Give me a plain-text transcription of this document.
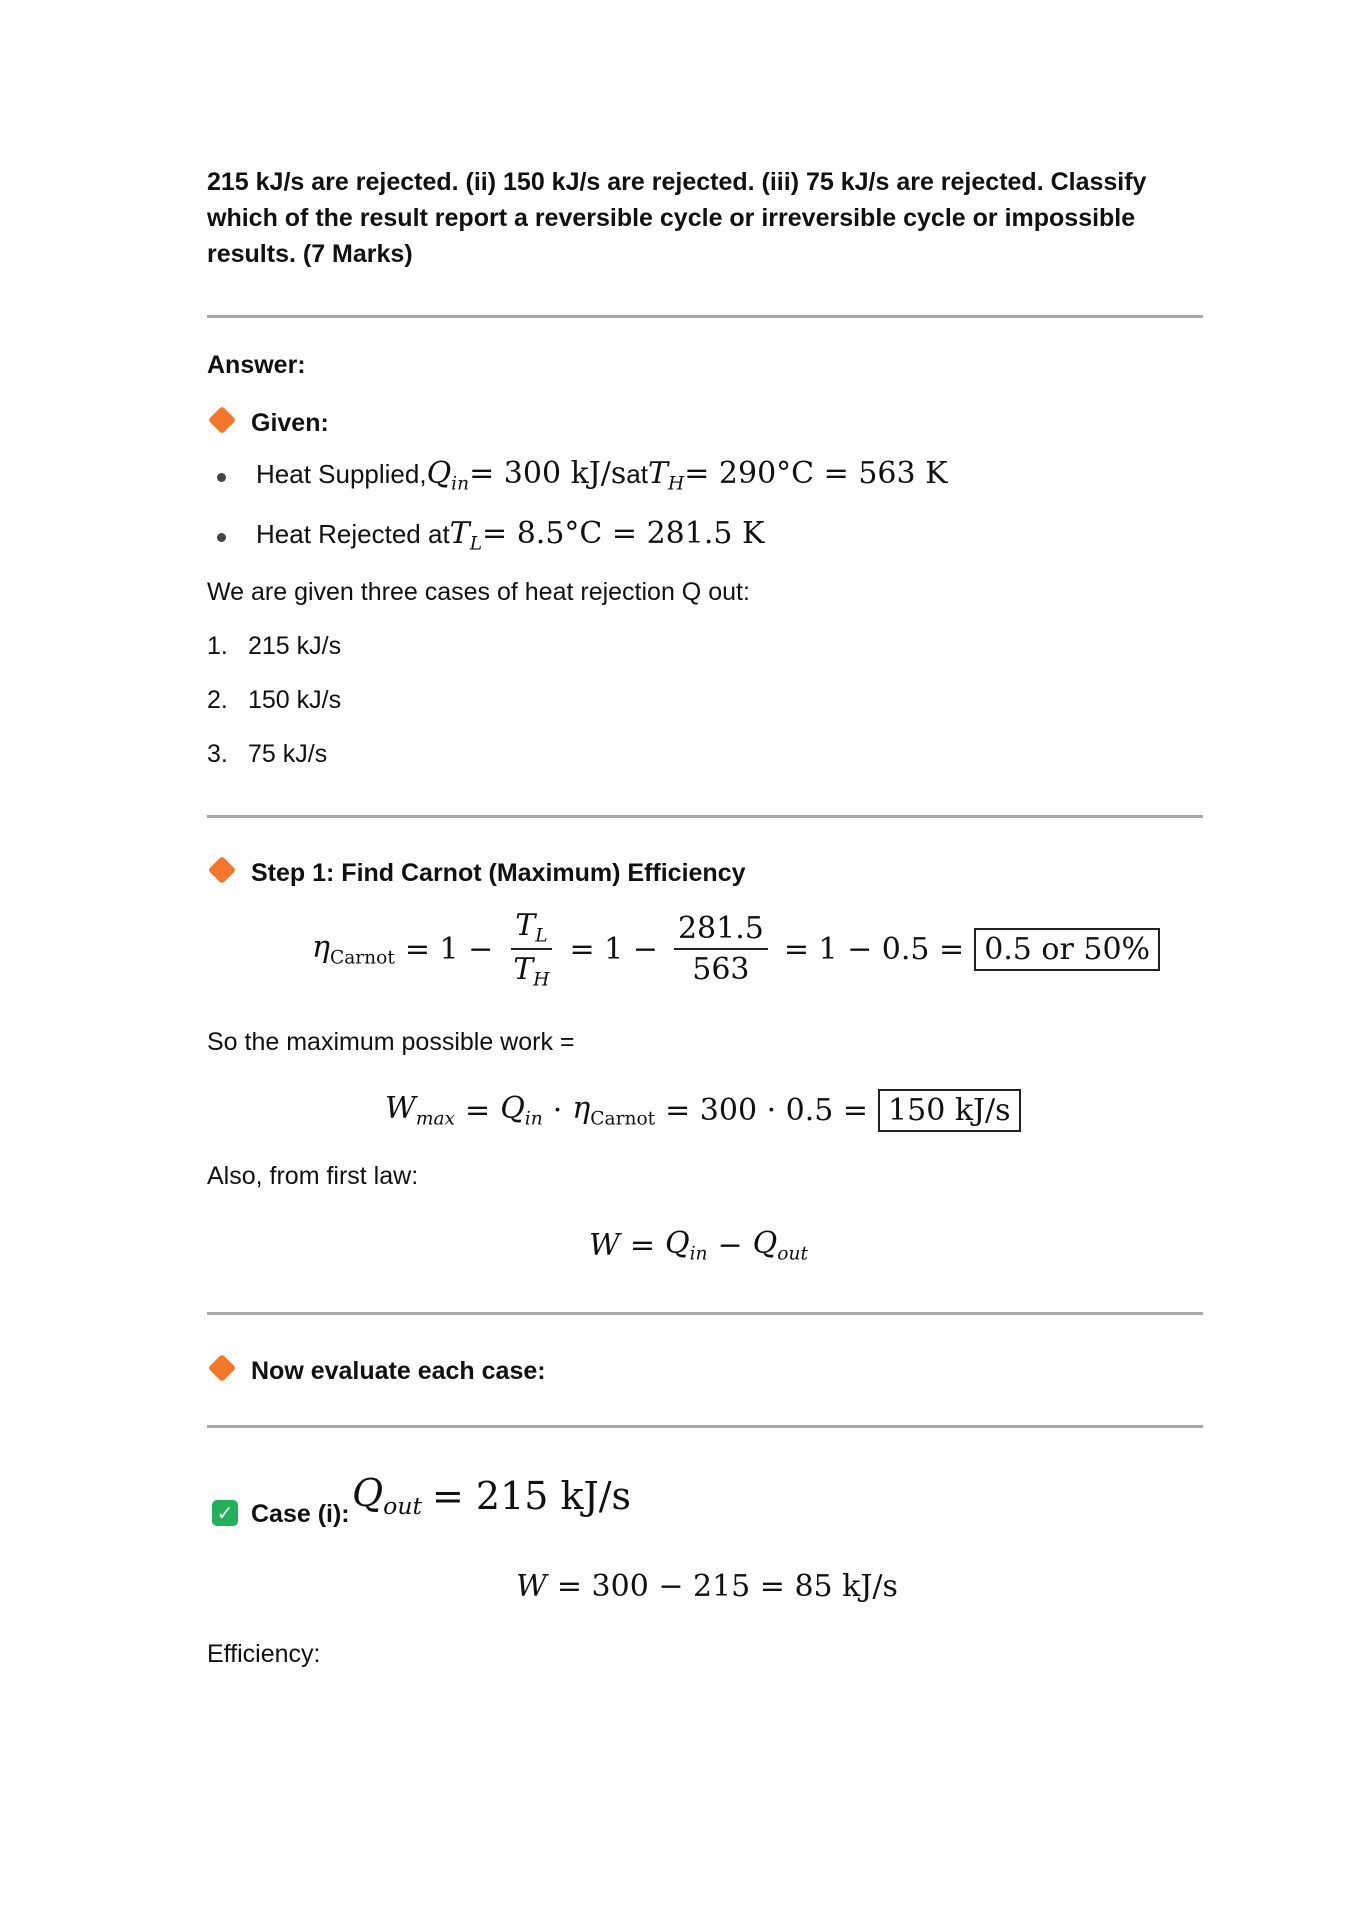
215 kJ/s are rejected. (ii) 150 kJ/s are rejected. (iii) 75 kJ/s are rejected. Classify which of the result report a reversible cycle or irreversible cycle or impossible results. (7 Marks)
Answer:
Given:
Heat Supplied, $Q_{in} = 300$ kJ/s at $T_H = 290^\circ C = 563$ K
Heat Rejected at $T_L = 8.5^\circ C = 281.5$ K
We are given three cases of heat rejection Q out:
1. 215 kJ/s
2. 150 kJ/s
3. 75 kJ/s
Step 1: Find Carnot (Maximum) Efficiency
$\eta_{Carnot} = 1 - \frac{T_L}{T_H} = 1 - \frac{281.5}{563} = 1 - 0.5 = 0.5$ or 50%
So the maximum possible work =
$W_{max} = Q_{in} \cdot \eta_{Carnot} = 300 \cdot 0.5 = 150$ kJ/s
Also, from first law:
$W = Q_{in} - Q_{out}$
Now evaluate each case:
✓ Case (i): $Q_{out} = 215$ kJ/s
W = 300 − 215 = 85 kJ/s
Efficiency:
